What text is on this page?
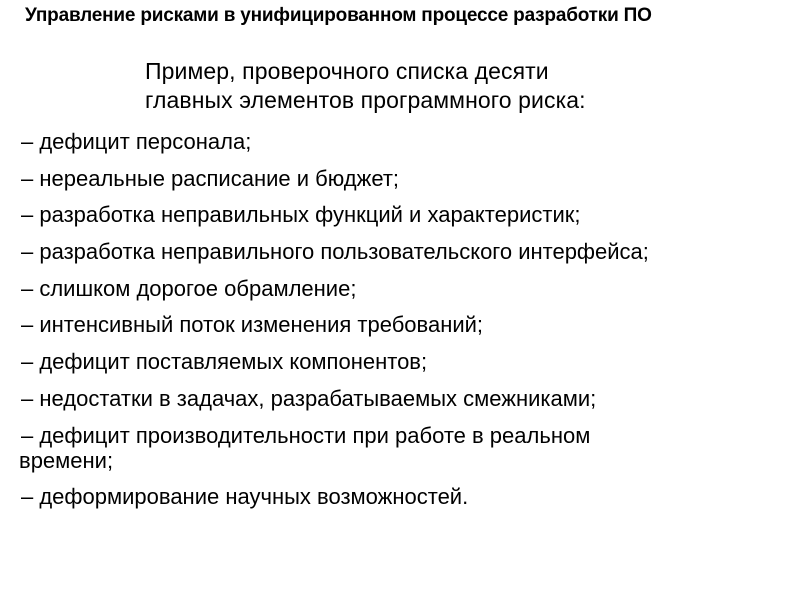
Управление рисками в унифицированном процессе разработки ПО
Пример, проверочного списка десяти
главных элементов программного риска:
– дефицит персонала;
– нереальные расписание и бюджет;
– разработка неправильных функций и характеристик;
– разработка неправильного пользовательского интерфейса;
– слишком дорогое обрамление;
– интенсивный поток изменения требований;
– дефицит поставляемых компонентов;
– недостатки в задачах, разрабатываемых смежниками;
– дефицит производительности при работе в реальном
времени;
– деформирование научных возможностей.
